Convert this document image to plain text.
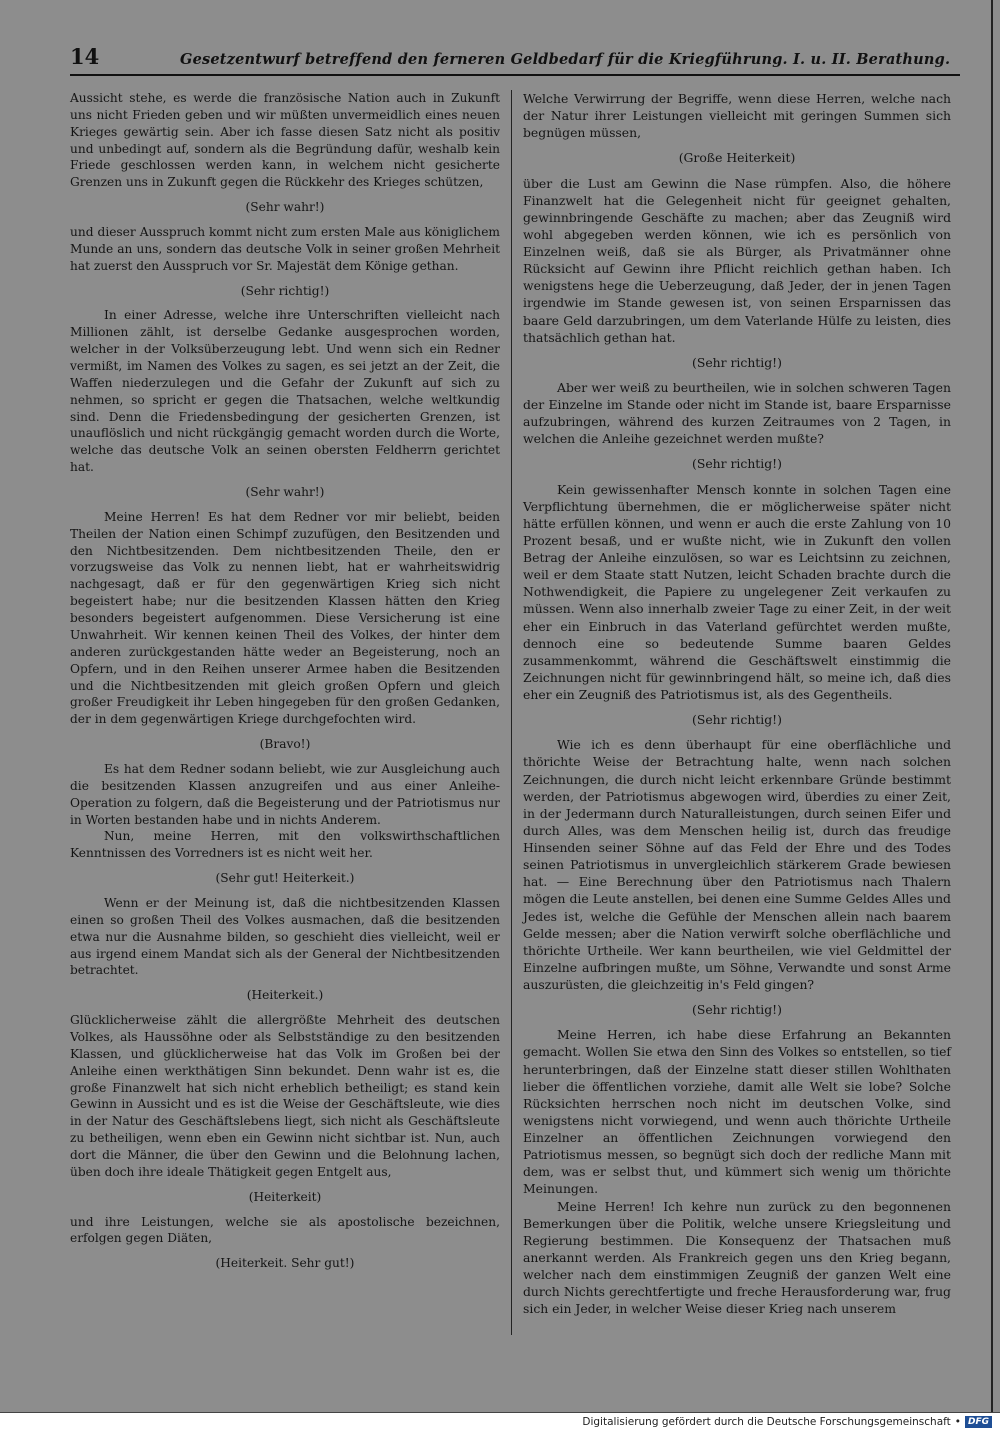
14	Gesetzentwurf betreffend den ferneren Geldbedarf für die Kriegführung. I. u. II. Berathung.

Aussicht stehe, es werde die französische Nation auch in Zukunft uns nicht Frieden geben und wir müßten unvermeidlich eines neuen Krieges gewärtig sein. Aber ich fasse diesen Satz nicht als positiv und unbedingt auf, sondern als die Begründung dafür, weshalb kein Friede geschlossen werden kann, in welchem nicht gesicherte Grenzen uns in Zukunft gegen die Rückkehr des Krieges schützen,

(Sehr wahr!)

und dieser Ausspruch kommt nicht zum ersten Male aus königlichem Munde an uns, sondern das deutsche Volk in seiner großen Mehrheit hat zuerst den Ausspruch vor Sr. Majestät dem Könige gethan.

(Sehr richtig!)

In einer Adresse, welche ihre Unterschriften vielleicht nach Millionen zählt, ist derselbe Gedanke ausgesprochen worden, welcher in der Volksüberzeugung lebt. Und wenn sich ein Redner vermißt, im Namen des Volkes zu sagen, es sei jetzt an der Zeit, die Waffen niederzulegen und die Gefahr der Zukunft auf sich zu nehmen, so spricht er gegen die Thatsachen, welche weltkundig sind. Denn die Friedensbedingung der gesicherten Grenzen, ist unauflöslich und nicht rückgängig gemacht worden durch die Worte, welche das deutsche Volk an seinen obersten Feldherrn gerichtet hat.

(Sehr wahr!)

Meine Herren! Es hat dem Redner vor mir beliebt, beiden Theilen der Nation einen Schimpf zuzufügen, den Besitzenden und den Nichtbesitzenden. Dem nichtbesitzenden Theile, den er vorzugsweise das Volk zu nennen liebt, hat er wahrheitswidrig nachgesagt, daß er für den gegenwärtigen Krieg sich nicht begeistert habe; nur die besitzenden Klassen hätten den Krieg besonders begeistert aufgenommen. Diese Versicherung ist eine Unwahrheit. Wir kennen keinen Theil des Volkes, der hinter dem anderen zurückgestanden hätte weder an Begeisterung, noch an Opfern, und in den Reihen unserer Armee haben die Besitzenden und die Nichtbesitzenden mit gleich großen Opfern und gleich großer Freudigkeit ihr Leben hingegeben für den großen Gedanken, der in dem gegenwärtigen Kriege durchgefochten wird.

(Bravo!)

Es hat dem Redner sodann beliebt, wie zur Ausgleichung auch die besitzenden Klassen anzugreifen und aus einer Anleihe-Operation zu folgern, daß die Begeisterung und der Patriotismus nur in Worten bestanden habe und in nichts Anderem.

Nun, meine Herren, mit den volkswirthschaftlichen Kenntnissen des Vorredners ist es nicht weit her.

(Sehr gut! Heiterkeit.)

Wenn er der Meinung ist, daß die nichtbesitzenden Klassen einen so großen Theil des Volkes ausmachen, daß die besitzenden etwa nur die Ausnahme bilden, so geschieht dies vielleicht, weil er aus irgend einem Mandat sich als der General der Nichtbesitzenden betrachtet.

(Heiterkeit.)

Glücklicherweise zählt die allergrößte Mehrheit des deutschen Volkes, als Haussöhne oder als Selbstständige zu den besitzenden Klassen, und glücklicherweise hat das Volk im Großen bei der Anleihe einen werkthätigen Sinn bekundet. Denn wahr ist es, die große Finanzwelt hat sich nicht erheblich betheiligt; es stand kein Gewinn in Aussicht und es ist die Weise der Geschäftsleute, wie dies in der Natur des Geschäftslebens liegt, sich nicht als Geschäftsleute zu betheiligen, wenn eben ein Gewinn nicht sichtbar ist. Nun, auch dort die Männer, die über den Gewinn und die Belohnung lachen, üben doch ihre ideale Thätigkeit gegen Entgelt aus,

(Heiterkeit)

und ihre Leistungen, welche sie als apostolische bezeichnen, erfolgen gegen Diäten,

(Heiterkeit. Sehr gut!)

Welche Verwirrung der Begriffe, wenn diese Herren, welche nach der Natur ihrer Leistungen vielleicht mit geringen Summen sich begnügen müssen,

(Große Heiterkeit)

über die Lust am Gewinn die Nase rümpfen. Also, die höhere Finanzwelt hat die Gelegenheit nicht für geeignet gehalten, gewinnbringende Geschäfte zu machen; aber das Zeugniß wird wohl abgegeben werden können, wie ich es persönlich von Einzelnen weiß, daß sie als Bürger, als Privatmänner ohne Rücksicht auf Gewinn ihre Pflicht reichlich gethan haben. Ich wenigstens hege die Ueberzeugung, daß Jeder, der in jenen Tagen irgendwie im Stande gewesen ist, von seinen Ersparnissen das baare Geld darzubringen, um dem Vaterlande Hülfe zu leisten, dies thatsächlich gethan hat.

(Sehr richtig!)

Aber wer weiß zu beurtheilen, wie in solchen schweren Tagen der Einzelne im Stande oder nicht im Stande ist, baare Ersparnisse aufzubringen, während des kurzen Zeitraumes von 2 Tagen, in welchen die Anleihe gezeichnet werden mußte?

(Sehr richtig!)

Kein gewissenhafter Mensch konnte in solchen Tagen eine Verpflichtung übernehmen, die er möglicherweise später nicht hätte erfüllen können, und wenn er auch die erste Zahlung von 10 Prozent besaß, und er wußte nicht, wie in Zukunft den vollen Betrag der Anleihe einzulösen, so war es Leichtsinn zu zeichnen, weil er dem Staate statt Nutzen, leicht Schaden brachte durch die Nothwendigkeit, die Papiere zu ungelegener Zeit verkaufen zu müssen. Wenn also innerhalb zweier Tage zu einer Zeit, in der weit eher ein Einbruch in das Vaterland gefürchtet werden mußte, dennoch eine so bedeutende Summe baaren Geldes zusammenkommt, während die Geschäftswelt einstimmig die Zeichnungen nicht für gewinnbringend hält, so meine ich, daß dies eher ein Zeugniß des Patriotismus ist, als des Gegentheils.

(Sehr richtig!)

Wie ich es denn überhaupt für eine oberflächliche und thörichte Weise der Betrachtung halte, wenn nach solchen Zeichnungen, die durch nicht leicht erkennbare Gründe bestimmt werden, der Patriotismus abgewogen wird, überdies zu einer Zeit, in der Jedermann durch Naturalleistungen, durch seinen Eifer und durch Alles, was dem Menschen heilig ist, durch das freudige Hinsenden seiner Söhne auf das Feld der Ehre und des Todes seinen Patriotismus in unvergleichlich stärkerem Grade bewiesen hat. — Eine Berechnung über den Patriotismus nach Thalern mögen die Leute anstellen, bei denen eine Summe Geldes Alles und Jedes ist, welche die Gefühle der Menschen allein nach baarem Gelde messen; aber die Nation verwirft solche oberflächliche und thörichte Urtheile. Wer kann beurtheilen, wie viel Geldmittel der Einzelne aufbringen mußte, um Söhne, Verwandte und sonst Arme auszurüsten, die gleichzeitig in's Feld gingen?

(Sehr richtig!)

Meine Herren, ich habe diese Erfahrung an Bekannten gemacht. Wollen Sie etwa den Sinn des Volkes so entstellen, so tief herunterbringen, daß der Einzelne statt dieser stillen Wohlthaten lieber die öffentlichen vorziehe, damit alle Welt sie lobe? Solche Rücksichten herrschen noch nicht im deutschen Volke, sind wenigstens nicht vorwiegend, und wenn auch thörichte Urtheile Einzelner an öffentlichen Zeichnungen vorwiegend den Patriotismus messen, so begnügt sich doch der redliche Mann mit dem, was er selbst thut, und kümmert sich wenig um thörichte Meinungen.

Meine Herren! Ich kehre nun zurück zu den begonnenen Bemerkungen über die Politik, welche unsere Kriegsleitung und Regierung bestimmen. Die Konsequenz der Thatsachen muß anerkannt werden. Als Frankreich gegen uns den Krieg begann, welcher nach dem einstimmigen Zeugniß der ganzen Welt eine durch Nichts gerechtfertigte und freche Herausforderung war, frug sich ein Jeder, in welcher Weise dieser Krieg nach unserem

Digitalisierung gefördert durch die Deutsche Forschungsgemeinschaft • DFG
